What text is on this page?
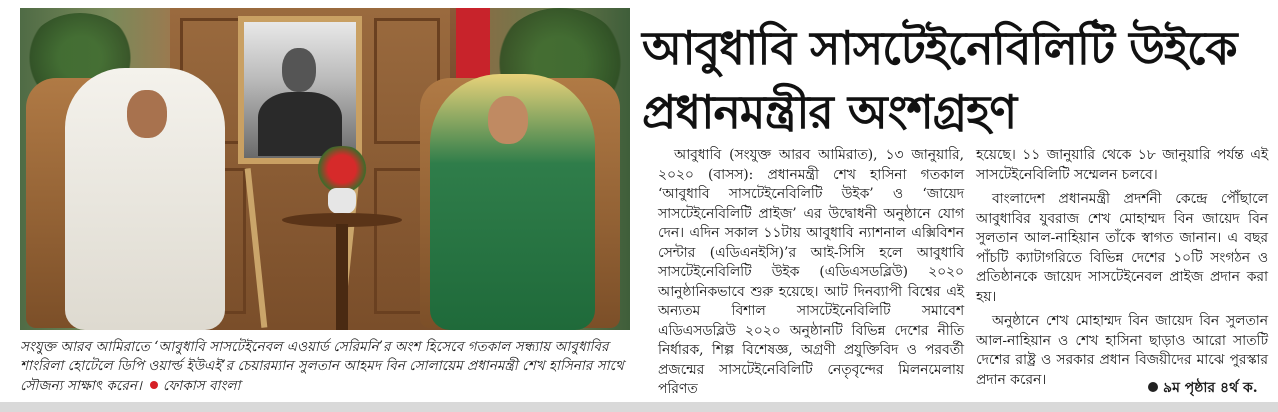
সংযুক্ত আরব আমিরাতে ‘আবুধাবি সাসটেইনেবল এওয়ার্ড সেরিমনি’র অংশ হিসেবে গতকাল সন্ধ্যায় আবুধাবির শাংরিলা হোটেলে ডিপি ওয়ার্ল্ড ইউএই’র চেয়ারম্যান সুলতান আহমদ বিন সোলায়েম প্রধানমন্ত্রী শেখ হাসিনার সাথে সৌজন্য সাক্ষাৎ করেন। ফোকাস বাংলা

আবুধাবি সাসটেইনেবিলিটি উইকে প্রধানমন্ত্রীর অংশগ্রহণ

আবুধাবি (সংযুক্ত আরব আমিরাত), ১৩ জানুয়ারি, ২০২০ (বাসস): প্রধানমন্ত্রী শেখ হাসিনা গতকাল ‘আবুধাবি সাসটেইনেবিলিটি উইক’ ও ‘জায়েদ সাসটেইনেবিলিটি প্রাইজ’ এর উদ্বোধনী অনুষ্ঠানে যোগ দেন। এদিন সকাল ১১টায় আবুধাবি ন্যাশনাল এক্সিবিশন সেন্টার (এডিএনইসি)’র আই-সিসি হলে আবুধাবি সাসটেইনেবিলিটি উইক (এডিএসডব্লিউ) ২০২০ আনুষ্ঠানিকভাবে শুরু হয়েছে। আট দিনব্যাপী বিশ্বের এই অন্যতম বিশাল সাসটেইনেবিলিটি সমাবেশ এডিএসডব্লিউ ২০২০ অনুষ্ঠানটি বিভিন্ন দেশের নীতি নির্ধারক, শিল্প বিশেষজ্ঞ, অগ্রণী প্রযুক্তিবিদ ও পরবর্তী প্রজন্মের সাসটেইনেবিলিটি নেতৃবৃন্দের মিলনমেলায় পরিণত

হয়েছে। ১১ জানুয়ারি থেকে ১৮ জানুয়ারি পর্যন্ত এই সাসটেইনেবিলিটি সম্মেলন চলবে।

বাংলাদেশ প্রধানমন্ত্রী প্রদর্শনী কেন্দ্রে পৌঁছালে আবুধাবির যুবরাজ শেখ মোহাম্মদ বিন জায়েদ বিন সুলতান আল-নাহিয়ান তাঁকে স্বাগত জানান। এ বছর পাঁচটি ক্যাটাগরিতে বিভিন্ন দেশের ১০টি সংগঠন ও প্রতিষ্ঠানকে জায়েদ সাসটেইনেবল প্রাইজ প্রদান করা হয়।

অনুষ্ঠানে শেখ মোহাম্মদ বিন জায়েদ বিন সুলতান আল-নাহিয়ান ও শেখ হাসিনা ছাড়াও আরো সাতটি দেশের রাষ্ট্র ও সরকার প্রধান বিজয়ীদের মাঝে পুরস্কার প্রদান করেন।

৯ম পৃষ্ঠার ৪র্থ ক.
